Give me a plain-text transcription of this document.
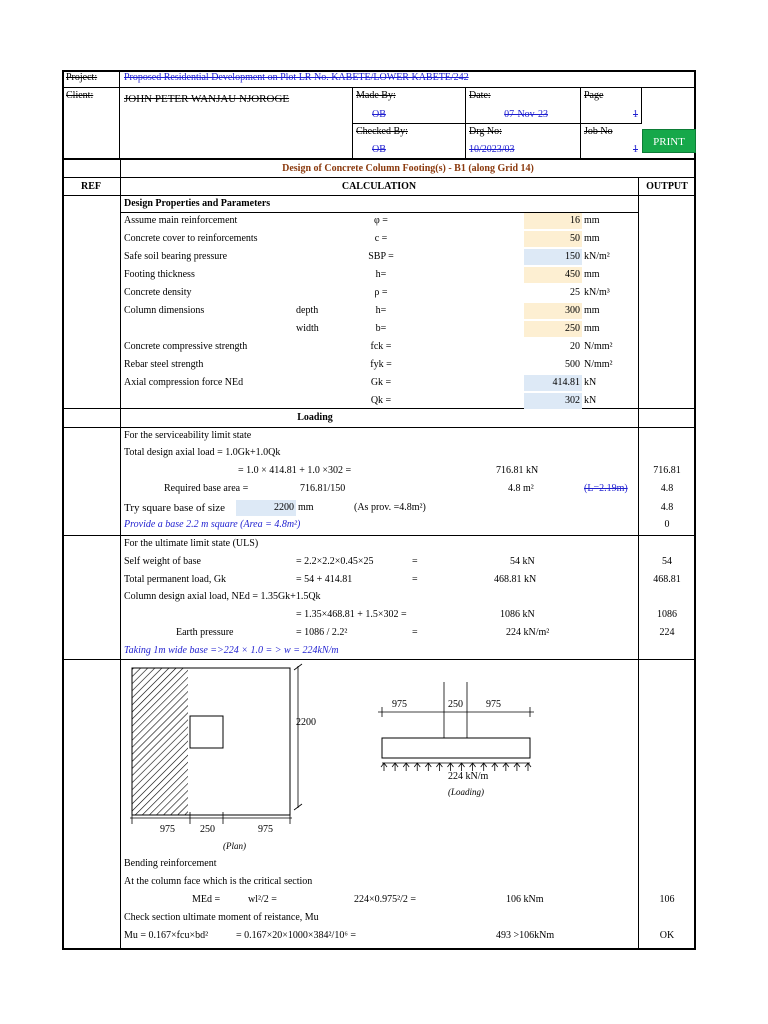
Project:	Proposed Residential Development on Plot LR No. KABETE/LOWER KABETE/242
Client:	JOHN PETER WANJAU NJOROGE	Made By:
OB
Date:
07-Nov-23
Page
1
Checked By:
OB
Drg No:
10/2023/03
Job No
1
PRINT
Design of Concrete Column Footing(s) - B1 (along Grid 14)
REF	CALCULATION	OUTPUT
Design Properties and Parameters
Assume main reinforcement	φ =	16 mm
Concrete cover to reinforcements	c =	50 mm
Safe soil bearing pressure	SBP =	150 kN/m²
Footing thickness	h=	450 mm
Concrete density	ρ =	25 kN/m³
Column dimensions	depth	h=	300 mm
width	b=	250 mm
Concrete compressive strength	fck =	20 N/mm²
Rebar steel strength	fyk =	500 N/mm²
Axial compression force NEd	Gk =	414.81 kN
Qk =	302 kN
Loading
For the serviceability limit state
Total design axial load = 1.0Gk+1.0Qk
= 1.0 × 414.81 + 1.0 ×302 =	716.81 kN	716.81
Required base area =	716.81/150	4.8 m²	(L=2.19m)	4.8
Try square base of size	2200 mm	(As prov. =4.8m²)	4.8
Provide a base 2.2 m square (Area = 4.8m²)	0
For the ultimate limit state (ULS)
Self weight of base	= 2.2×2.2×0.45×25	=	54 kN	54
Total permanent load, Gk	= 54 + 414.81	=	468.81 kN	468.81
Column design axial load, NEd = 1.35Gk+1.5Qk
= 1.35×468.81 + 1.5×302 =	1086 kN	1086
Earth pressure	= 1086 / 2.2²	=	224 kN/m²	224
Taking 1m wide base =>224 × 1.0 = > w = 224kN/m
2200
975	250	975
(Plan)
975	250 975
224 kN/m
(Loading)
Bending reinforcement
At the column face which is the critical section
MEd =	wl²/2 =	224×0.975²/2 =	106 kNm	106
Check section ultimate moment of reistance, Mu
Mu = 0.167×fcu×bd²	= 0.167×20×1000×384²/10⁶ =	493 >106kNm	OK
